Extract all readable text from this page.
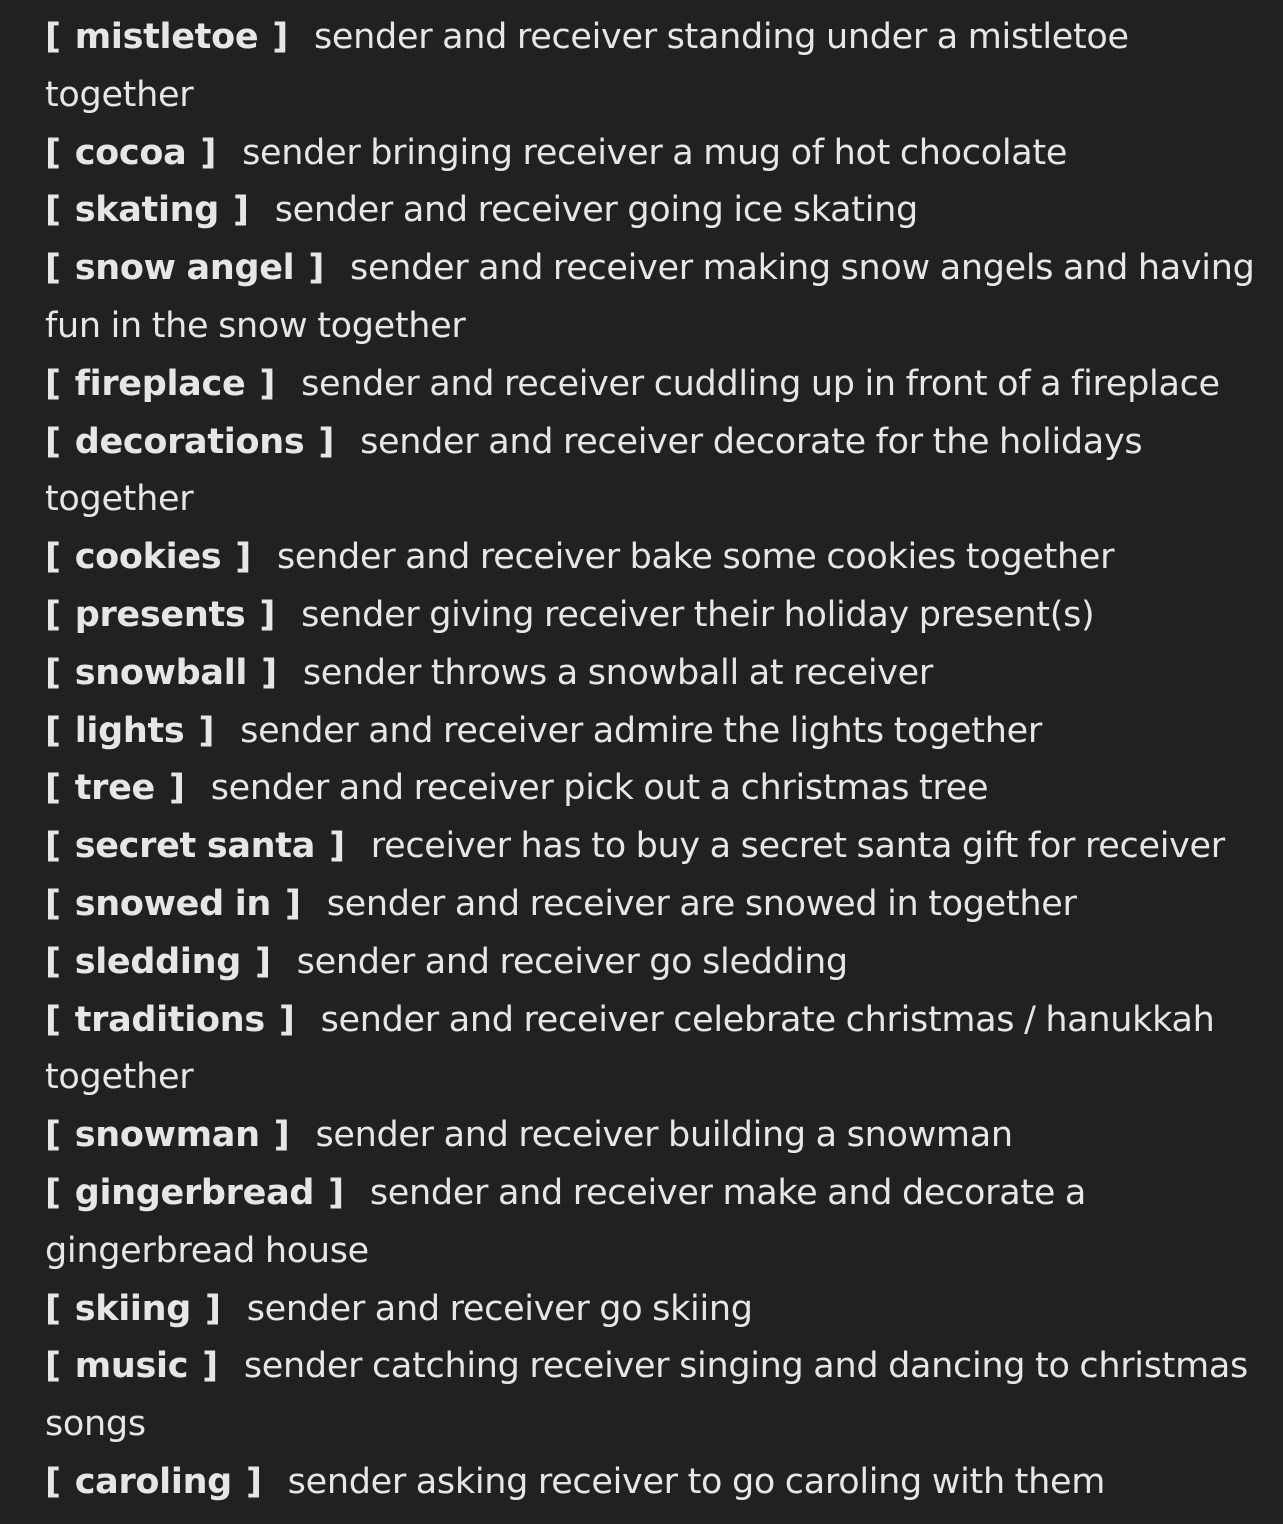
[ mistletoe ] sender and receiver standing under a mistletoe together

[ cocoa ] sender bringing receiver a mug of hot chocolate

[ skating ] sender and receiver going ice skating

[ snow angel ] sender and receiver making snow angels and having fun in the snow together

[ fireplace ] sender and receiver cuddling up in front of a fireplace

[ decorations ] sender and receiver decorate for the holidays together

[ cookies ] sender and receiver bake some cookies together

[ presents ] sender giving receiver their holiday present(s)

[ snowball ] sender throws a snowball at receiver

[ lights ] sender and receiver admire the lights together

[ tree ] sender and receiver pick out a christmas tree

[ secret santa ] receiver has to buy a secret santa gift for receiver

[ snowed in ] sender and receiver are snowed in together

[ sledding ] sender and receiver go sledding

[ traditions ] sender and receiver celebrate christmas / hanukkah together

[ snowman ] sender and receiver building a snowman

[ gingerbread ] sender and receiver make and decorate a gingerbread house

[ skiing ] sender and receiver go skiing

[ music ] sender catching receiver singing and dancing to christmas songs

[ caroling ] sender asking receiver to go caroling with them
